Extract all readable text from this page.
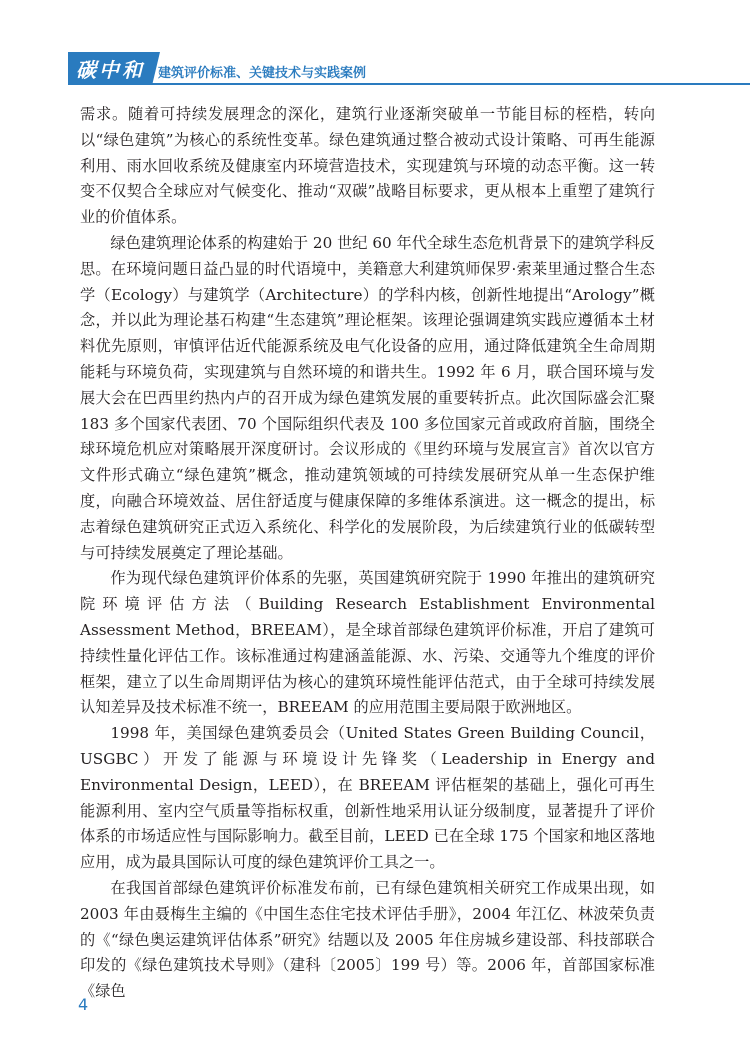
碳中和 建筑评价标准、关键技术与实践案例

需求。随着可持续发展理念的深化，建筑行业逐渐突破单一节能目标的桎梏，转向以“绿色建筑”为核心的系统性变革。绿色建筑通过整合被动式设计策略、可再生能源利用、雨水回收系统及健康室内环境营造技术，实现建筑与环境的动态平衡。这一转变不仅契合全球应对气候变化、推动“双碳”战略目标要求，更从根本上重塑了建筑行业的价值体系。

绿色建筑理论体系的构建始于 20 世纪 60 年代全球生态危机背景下的建筑学科反思。在环境问题日益凸显的时代语境中，美籍意大利建筑师保罗·索莱里通过整合生态学（Ecology）与建筑学（Architecture）的学科内核，创新性地提出“Arology”概念，并以此为理论基石构建“生态建筑”理论框架。该理论强调建筑实践应遵循本土材料优先原则，审慎评估近代能源系统及电气化设备的应用，通过降低建筑全生命周期能耗与环境负荷，实现建筑与自然环境的和谐共生。1992 年 6 月，联合国环境与发展大会在巴西里约热内卢的召开成为绿色建筑发展的重要转折点。此次国际盛会汇聚 183 多个国家代表团、70 个国际组织代表及 100 多位国家元首或政府首脑，围绕全球环境危机应对策略展开深度研讨。会议形成的《里约环境与发展宣言》首次以官方文件形式确立“绿色建筑”概念，推动建筑领域的可持续发展研究从单一生态保护维度，向融合环境效益、居住舒适度与健康保障的多维体系演进。这一概念的提出，标志着绿色建筑研究正式迈入系统化、科学化的发展阶段，为后续建筑行业的低碳转型与可持续发展奠定了理论基础。

作为现代绿色建筑评价体系的先驱，英国建筑研究院于 1990 年推出的建筑研究院环境评估方法（Building Research Establishment Environmental Assessment Method，BREEAM），是全球首部绿色建筑评价标准，开启了建筑可持续性量化评估工作。该标准通过构建涵盖能源、水、污染、交通等九个维度的评价框架，建立了以生命周期评估为核心的建筑环境性能评估范式，由于全球可持续发展认知差异及技术标准不统一，BREEAM 的应用范围主要局限于欧洲地区。

1998 年，美国绿色建筑委员会（United States Green Building Council，USGBC）开发了能源与环境设计先锋奖（Leadership in Energy and Environmental Design，LEED），在 BREEAM 评估框架的基础上，强化可再生能源利用、室内空气质量等指标权重，创新性地采用认证分级制度，显著提升了评价体系的市场适应性与国际影响力。截至目前，LEED 已在全球 175 个国家和地区落地应用，成为最具国际认可度的绿色建筑评价工具之一。

在我国首部绿色建筑评价标准发布前，已有绿色建筑相关研究工作成果出现，如 2003 年由聂梅生主编的《中国生态住宅技术评估手册》，2004 年江亿、林波荣负责的《“绿色奥运建筑评估体系”研究》结题以及 2005 年住房城乡建设部、科技部联合印发的《绿色建筑技术导则》（建科〔2005〕199 号）等。2006 年，首部国家标准《绿色

4
